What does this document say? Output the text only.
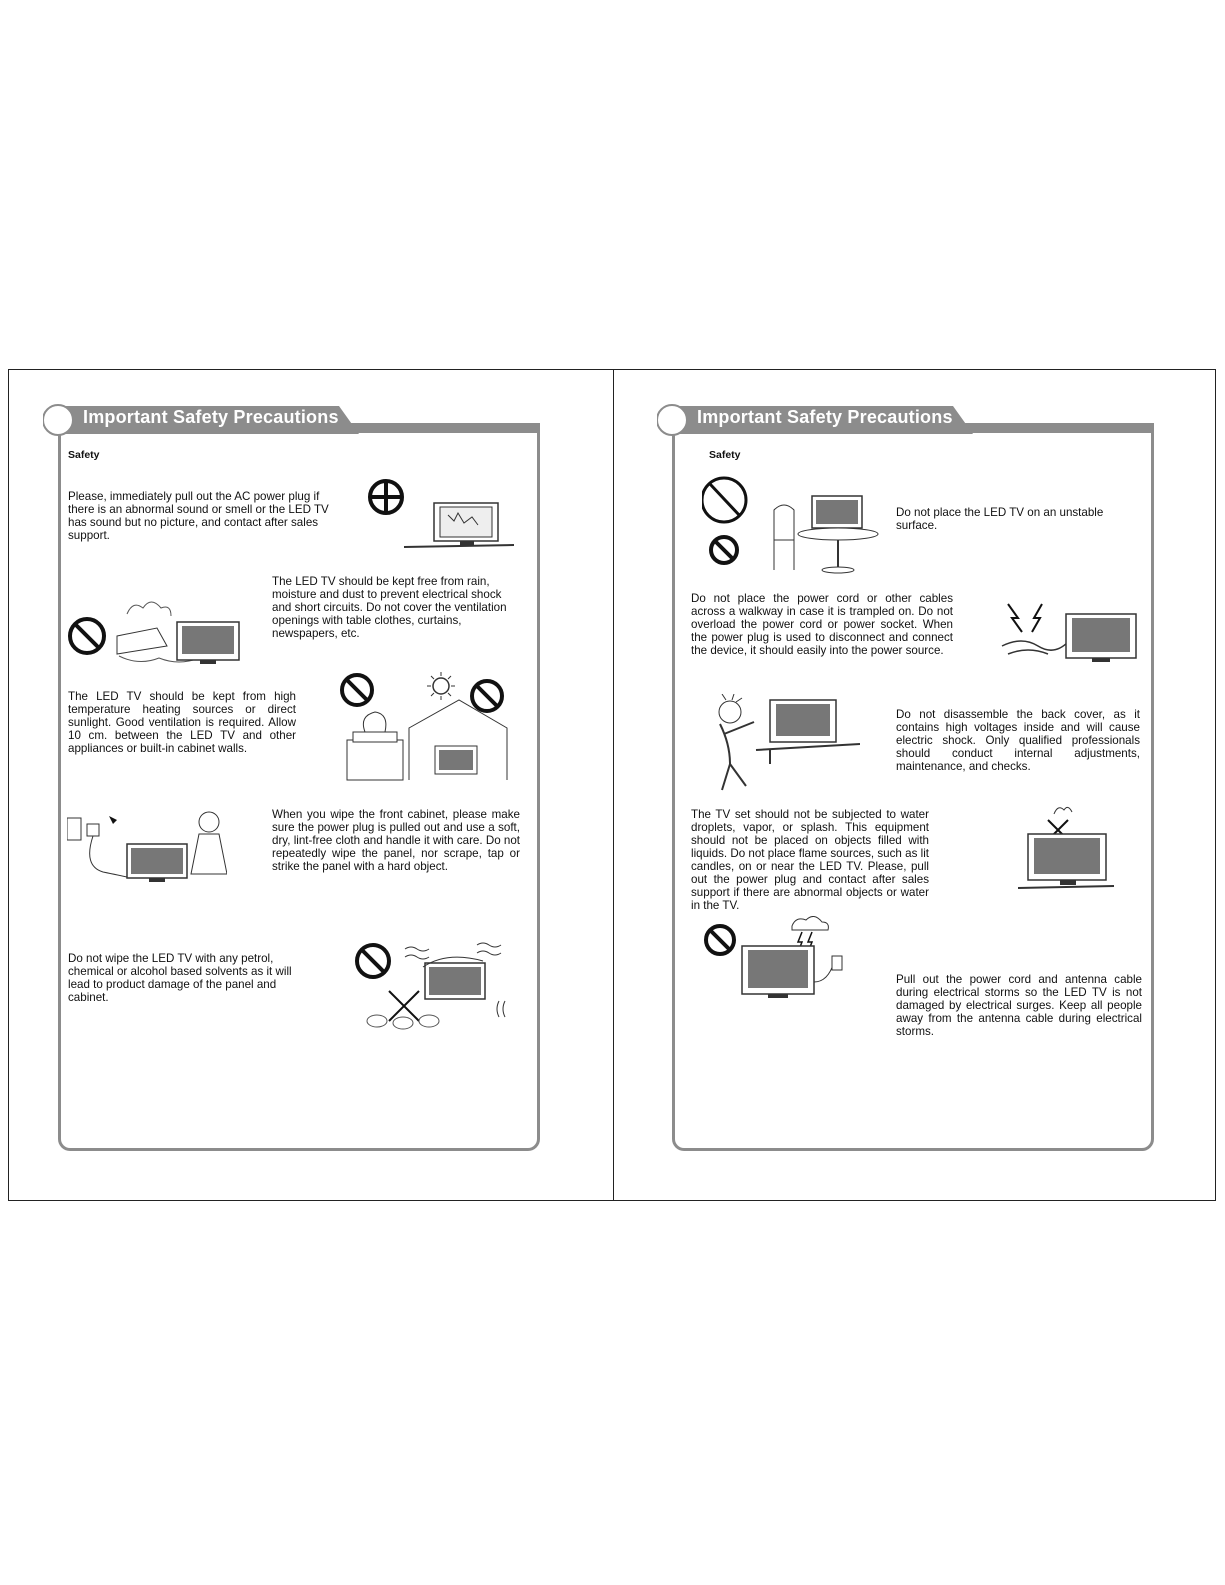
Important Safety Precautions
Safety
Please, immediately pull out the AC power plug if there is an abnormal sound or smell or the LED TV has sound but no picture, and contact after sales support.
The LED TV should be kept free from rain, moisture and dust to prevent electrical shock and short circuits. Do not cover the ventilation openings with table clothes, curtains, newspapers, etc.
The LED TV should be kept from high temperature heating sources or direct sunlight. Good ventilation is required. Allow 10 cm. between the LED TV and other appliances or built-in cabinet walls.
When you wipe the front cabinet, please make sure the power plug is pulled out and use a soft, dry, lint-free cloth and handle it with care. Do not repeatedly wipe the panel, nor scrape, tap or strike the panel with a hard object.
Do not wipe the LED TV with any petrol, chemical or alcohol based solvents as it will lead to product damage of the panel and cabinet.
Important Safety Precautions
Safety
Do not place the LED TV on an unstable surface.
Do not place the power cord or other cables across a walkway in case it is trampled on. Do not overload the power cord or power socket. When the power plug is used to disconnect and connect the device, it should easily into the power source.
Do not disassemble the back cover, as it contains high voltages inside and will cause electric shock. Only qualified professionals should conduct internal adjustments, maintenance, and checks.
The TV set should not be subjected to water droplets, vapor, or splash. This equipment should not be placed on objects filled with liquids. Do not place flame sources, such as lit candles, on or near the LED TV. Please, pull out the power plug and contact after sales support if there are abnormal objects or water in the TV.
Pull out the power cord and antenna cable during electrical storms so the LED TV is not damaged by electrical surges. Keep all people away from the antenna cable during electrical storms.
